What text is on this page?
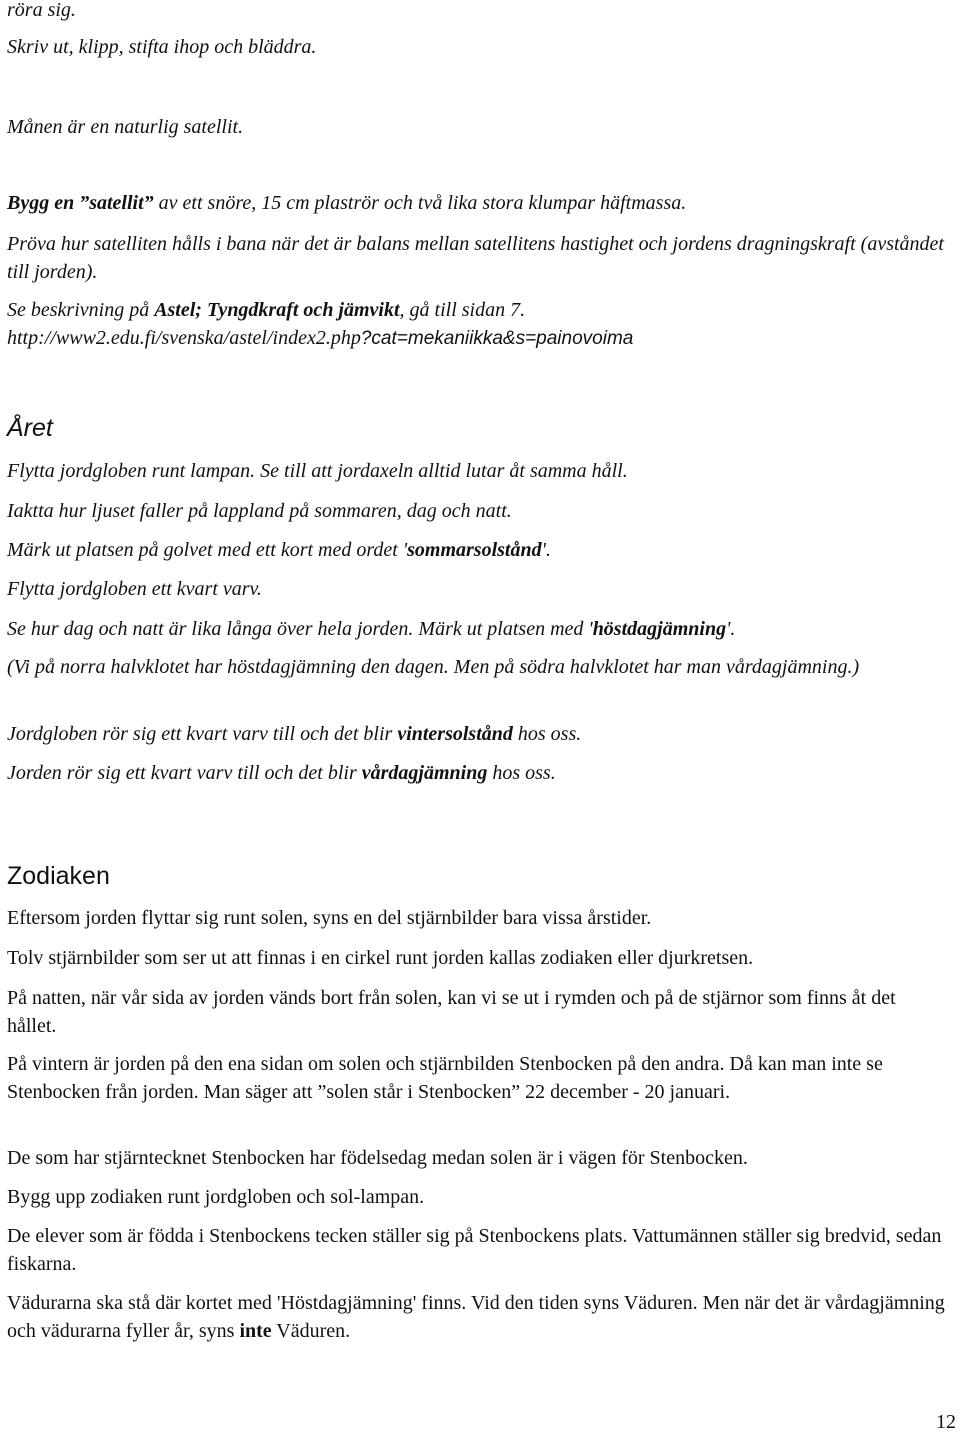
röra sig.
Skriv ut, klipp, stifta ihop och bläddra.
Månen är en naturlig satellit.
Bygg en ”satellit” av ett snöre, 15 cm plaströr och två lika stora klumpar häftmassa.
Pröva hur satelliten hålls i bana när det är balans mellan satellitens hastighet och jordens dragningskraft (avståndet till jorden).
Se beskrivning på Astel; Tyngdkraft och jämvikt, gå till sidan 7.
http://www2.edu.fi/svenska/astel/index2.php?cat=mekaniikka&s=painovoima
Året
Flytta jordgloben runt lampan. Se till att jordaxeln alltid lutar åt samma håll.
Iaktta hur ljuset faller på lappland på sommaren, dag och natt.
Märk ut platsen på golvet med ett kort med ordet 'sommarsolstånd'.
Flytta jordgloben ett kvart varv.
Se hur dag och natt är lika långa över hela jorden. Märk ut platsen med 'höstdagjämning'.
(Vi på norra halvklotet har höstdagjämning den dagen. Men på södra halvklotet har man vårdagjämning.)
Jordgloben rör sig ett kvart varv till och det blir vintersolstånd hos oss.
Jorden rör sig ett kvart varv till och det blir vårdagjämning hos oss.
Zodiaken
Eftersom jorden flyttar sig runt solen, syns en del stjärnbilder bara vissa årstider.
Tolv stjärnbilder som ser ut att finnas i en cirkel runt jorden kallas zodiaken eller djurkretsen.
På natten, när vår sida av jorden vänds bort från solen, kan vi se ut i rymden och på de stjärnor som finns åt det hållet.
På vintern är jorden på den ena sidan om solen och stjärnbilden Stenbocken på den andra. Då kan man inte se Stenbocken från jorden. Man säger att ”solen står i Stenbocken” 22 december - 20 januari.
De som har stjärntecknet Stenbocken har födelsedag medan solen är i vägen för Stenbocken.
Bygg upp zodiaken runt jordgloben och sol-lampan.
De elever som är födda i Stenbockens tecken ställer sig på Stenbockens plats. Vattumännen ställer sig bredvid, sedan fiskarna.
Vädurarna ska stå där kortet med 'Höstdagjämning' finns. Vid den tiden syns Väduren. Men när det är vårdagjämning och vädurarna fyller år, syns inte Väduren.
12
